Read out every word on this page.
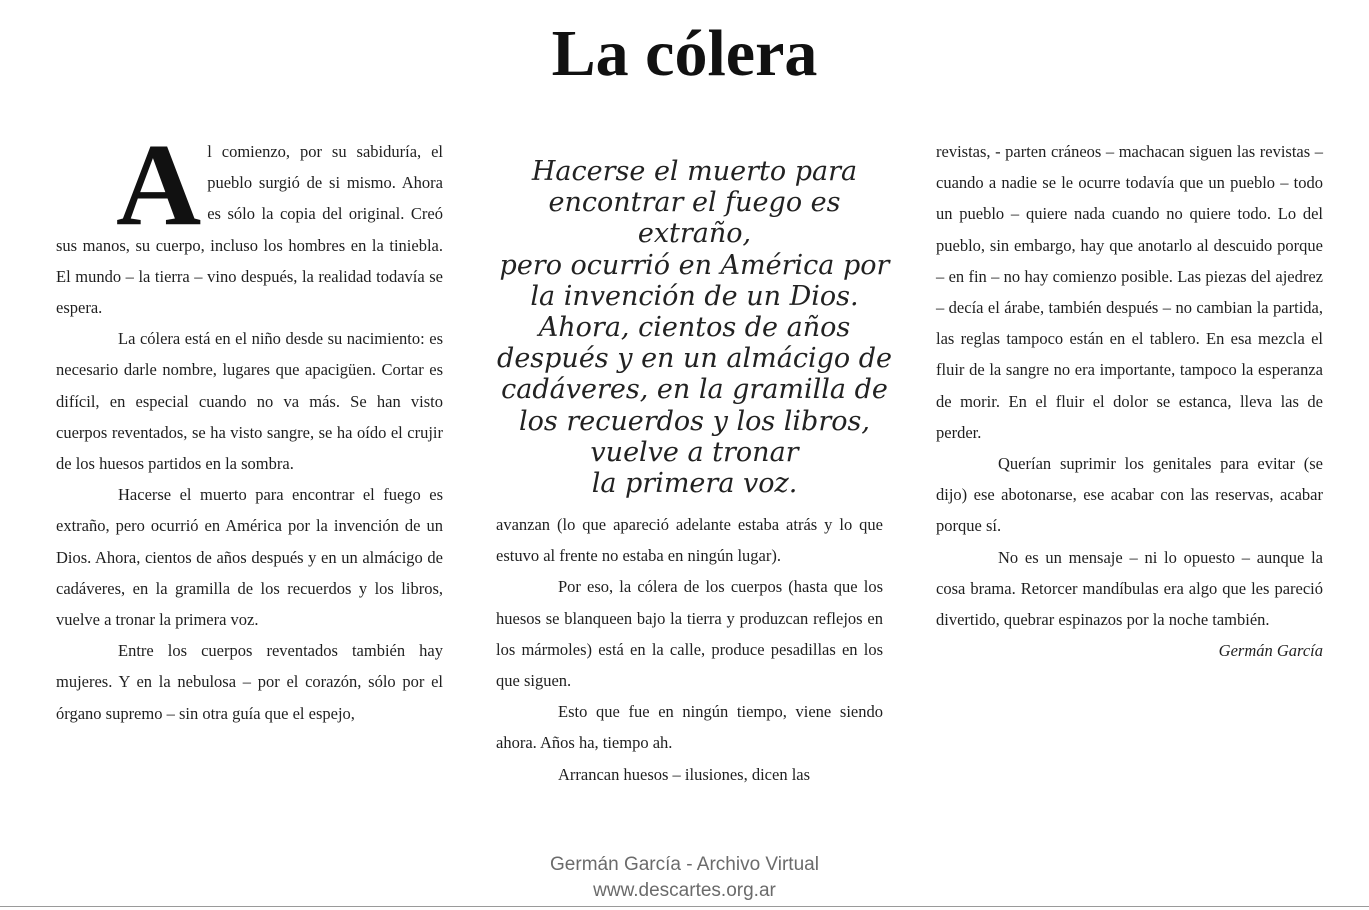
La cólera

Al comienzo, por su sabiduría, el pueblo surgió de si mismo. Ahora es sólo la copia del original. Creó sus manos, su cuerpo, incluso los hombres en la tiniebla. El mundo – la tierra – vino después, la realidad todavía se espera.

La cólera está en el niño desde su nacimiento: es necesario darle nombre, lugares que apacigüen. Cortar es difícil, en especial cuando no va más. Se han visto cuerpos reventados, se ha visto sangre, se ha oído el crujir de los huesos partidos en la sombra.

Hacerse el muerto para encontrar el fuego es extraño, pero ocurrió en América por la invención de un Dios. Ahora, cientos de años después y en un almácigo de cadáveres, en la gramilla de los recuerdos y los libros, vuelve a tronar la primera voz.

Entre los cuerpos reventados también hay mujeres. Y en la nebulosa – por el corazón, sólo por el órgano supremo – sin otra guía que el espejo,

Hacerse el muerto para
encontrar el fuego es extraño,
pero ocurrió en América por
la invención de un Dios.
Ahora, cientos de años
después y en un almácigo de
cadáveres, en la gramilla de
los recuerdos y los libros,
vuelve a tronar
la primera voz.

avanzan (lo que apareció adelante estaba atrás y lo que estuvo al frente no estaba en ningún lugar).

Por eso, la cólera de los cuerpos (hasta que los huesos se blanqueen bajo la tierra y produzcan reflejos en los mármoles) está en la calle, produce pesadillas en los que siguen.

Esto que fue en ningún tiempo, viene siendo ahora. Años ha, tiempo ah.

Arrancan huesos – ilusiones, dicen las

revistas, - parten cráneos – machacan siguen las revistas – cuando a nadie se le ocurre todavía que un pueblo – todo un pueblo – quiere nada cuando no quiere todo. Lo del pueblo, sin embargo, hay que anotarlo al descuido porque – en fin – no hay comienzo posible. Las piezas del ajedrez – decía el árabe, también después – no cambian la partida, las reglas tampoco están en el tablero. En esa mezcla el fluir de la sangre no era importante, tampoco la esperanza de morir. En el fluir el dolor se estanca, lleva las de perder.

Querían suprimir los genitales para evitar (se dijo) ese abotonarse, ese acabar con las reservas, acabar porque sí.

No es un mensaje – ni lo opuesto – aunque la cosa brama. Retorcer mandíbulas era algo que les pareció divertido, quebrar espinazos por la noche también.

Germán García

Germán García - Archivo Virtual
www.descartes.org.ar
